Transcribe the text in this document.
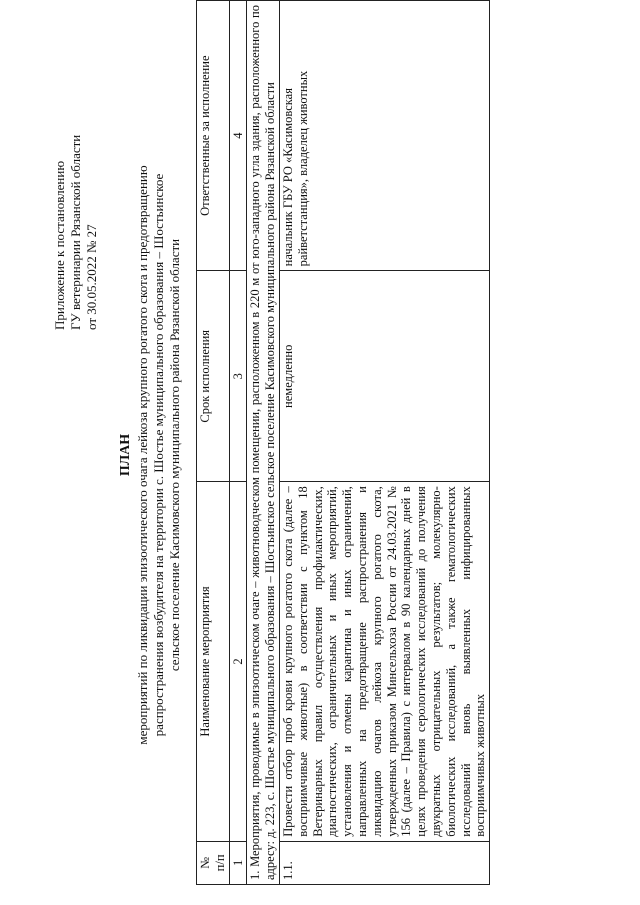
Приложение к постановлению ГУ ветеринарии Рязанской области от 30.05.2022 № 27
ПЛАН мероприятий по ликвидации эпизоотического очага лейкоза крупного рогатого скота и предотвращению распространения возбудителя на территории с. Шостье муниципального образования – Шостьинское сельское поселение Касимовского муниципального района Рязанской области
№
п/п	Наименование мероприятия	Срок исполнения	Ответственные за исполнение
1	2	3	4
1. Мероприятия, проводимые в эпизоотическом очаге – животноводческом помещении, расположенном в 220 м от юго-западного угла здания, расположенного по адресу: д. 223, с. Шостье муниципального образования – Шостьинское сельское поселение Касимовского муниципального района Рязанской области			
1.1.	Провести отбор проб крови крупного рогатого скота (далее – восприимчивые животные) в соответствии с пунктом 18 Ветеринарных правил осуществления профилактических, диагностических, ограничительных и иных мероприятий, установления и отмены карантина и иных ограничений, направленных на предотвращение распространения и ликвидацию очагов лейкоза крупного рогатого скота, утвержденных приказом Минсельхоза России от 24.03.2021 № 156 (далее – Правила) с интервалом в 90 календарных дней в целях проведения серологических исследований до получения двукратных отрицательных результатов; молекулярно-биологических исследований, а также гематологических исследований вновь выявленных инфицированных восприимчивых животных	немедленно	начальник ГБУ РО «Касимовская райветстанция», владелец животных
